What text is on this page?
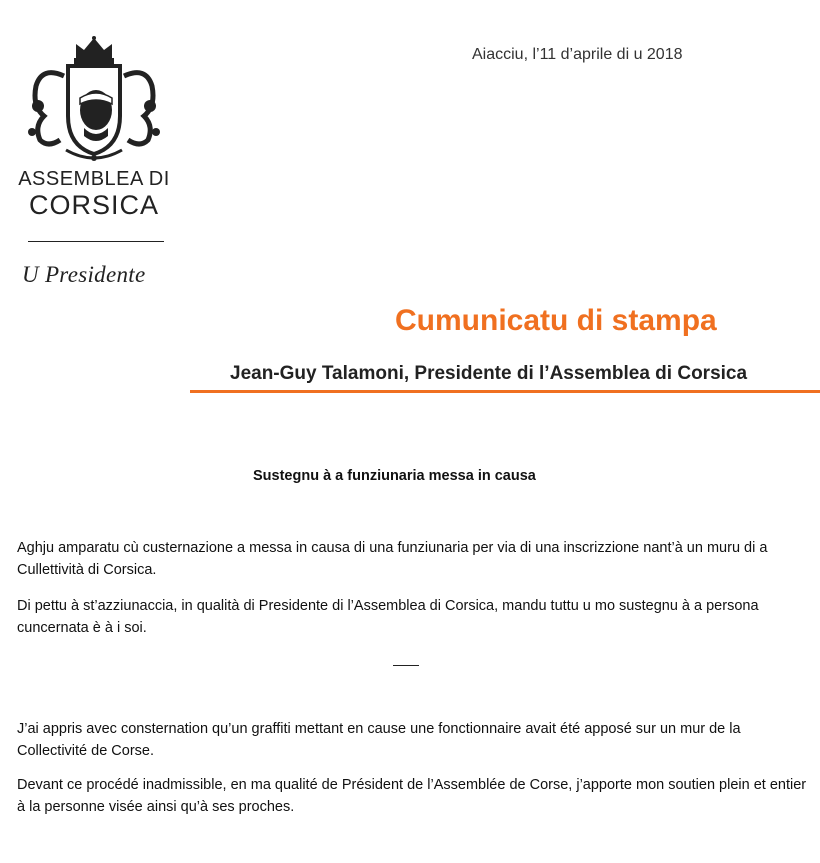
ASSEMBLEA DI
CORSICA
U Presidente
Aiacciu, l’11 d’aprile di u 2018
Cumunicatu di stampa
Jean-Guy Talamoni, Presidente di l’Assemblea di Corsica
Sustegnu à a funziunaria messa in causa
Aghju amparatu cù custernazione a messa in causa di una funziunaria per via di una inscrizzione nant’à un muru di a Cullettività di Corsica.
Di pettu à st’azziunaccia, in qualità di Presidente di l’Assemblea di Corsica, mandu tuttu u mo sustegnu à a persona cuncernata è à i soi.
J’ai appris avec consternation qu’un graffiti mettant en cause une fonctionnaire avait été apposé sur un mur de la Collectivité de Corse.
Devant ce procédé inadmissible, en ma qualité de Président de l’Assemblée de Corse, j’apporte mon soutien plein et entier à la personne visée ainsi qu’à ses proches.
